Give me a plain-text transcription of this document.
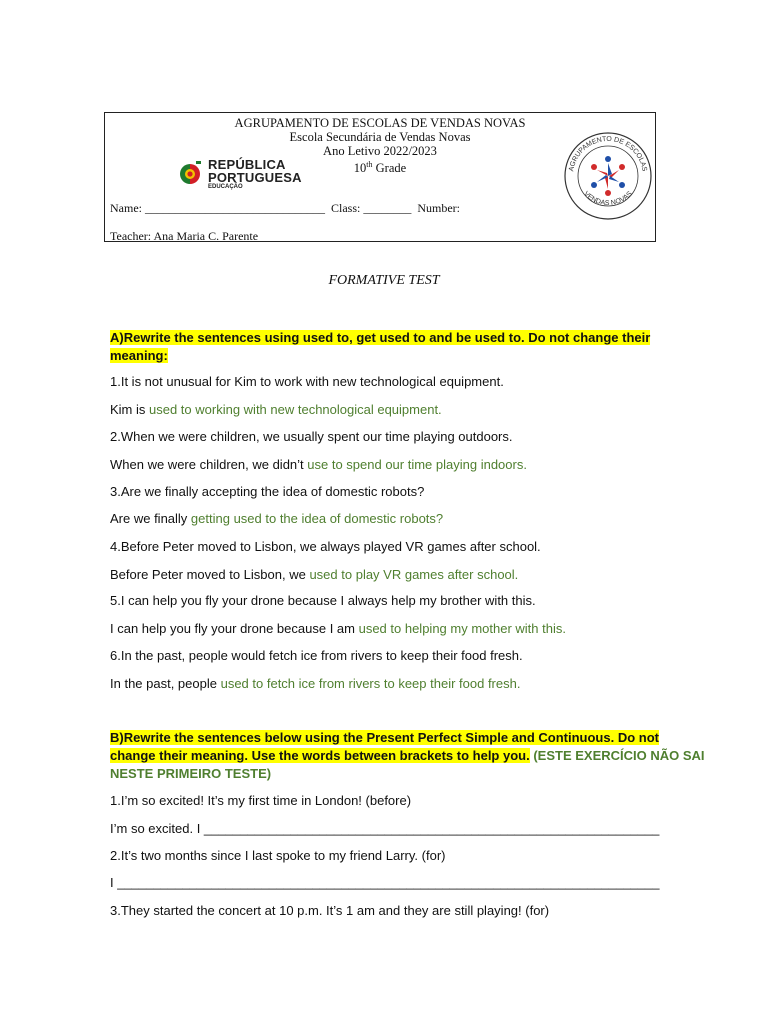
AGRUPAMENTO DE ESCOLAS DE VENDAS NOVAS
Escola Secundária de Vendas Novas
Ano Letivo 2022/2023
10th Grade
REPÚBLICA
PORTUGUESA
EDUCAÇÃO
AGRUPAMENTO DE ESCOLAS
VENDAS NOVAS
Name: ______________________________  Class: ________  Number:
Teacher: Ana Maria C. Parente
FORMATIVE TEST
A)Rewrite the sentences using used to, get used to and be used to. Do not change their
meaning:
1.It is not unusual for Kim to work with new technological equipment.
Kim is used to working with new technological equipment.
2.When we were children, we usually spent our time playing outdoors.
When we were children, we didn’t use to spend our time playing indoors.
3.Are we finally accepting the idea of domestic robots?
Are we finally getting used to the idea of domestic robots?
4.Before Peter moved to Lisbon, we always played VR games after school.
Before Peter moved to Lisbon, we used to play VR games after school.
5.I can help you fly your drone because I always help my brother with this.
I can help you fly your drone because I am used to helping my mother with this.
6.In the past, people would fetch ice from rivers to keep their food fresh.
In the past, people used to fetch ice from rivers to keep their food fresh.
B)Rewrite the sentences below using the Present Perfect Simple and Continuous. Do not
change their meaning. Use the words between brackets to help you. (ESTE EXERCÍCIO NÃO SAI
NESTE PRIMEIRO TESTE)
1.I’m so excited! It’s my first time in London! (before)
I’m so excited. I _______________________________________________________________
2.It’s two months since I last spoke to my friend Larry. (for)
I ___________________________________________________________________________
3.They started the concert at 10 p.m. It’s 1 am and they are still playing! (for)
